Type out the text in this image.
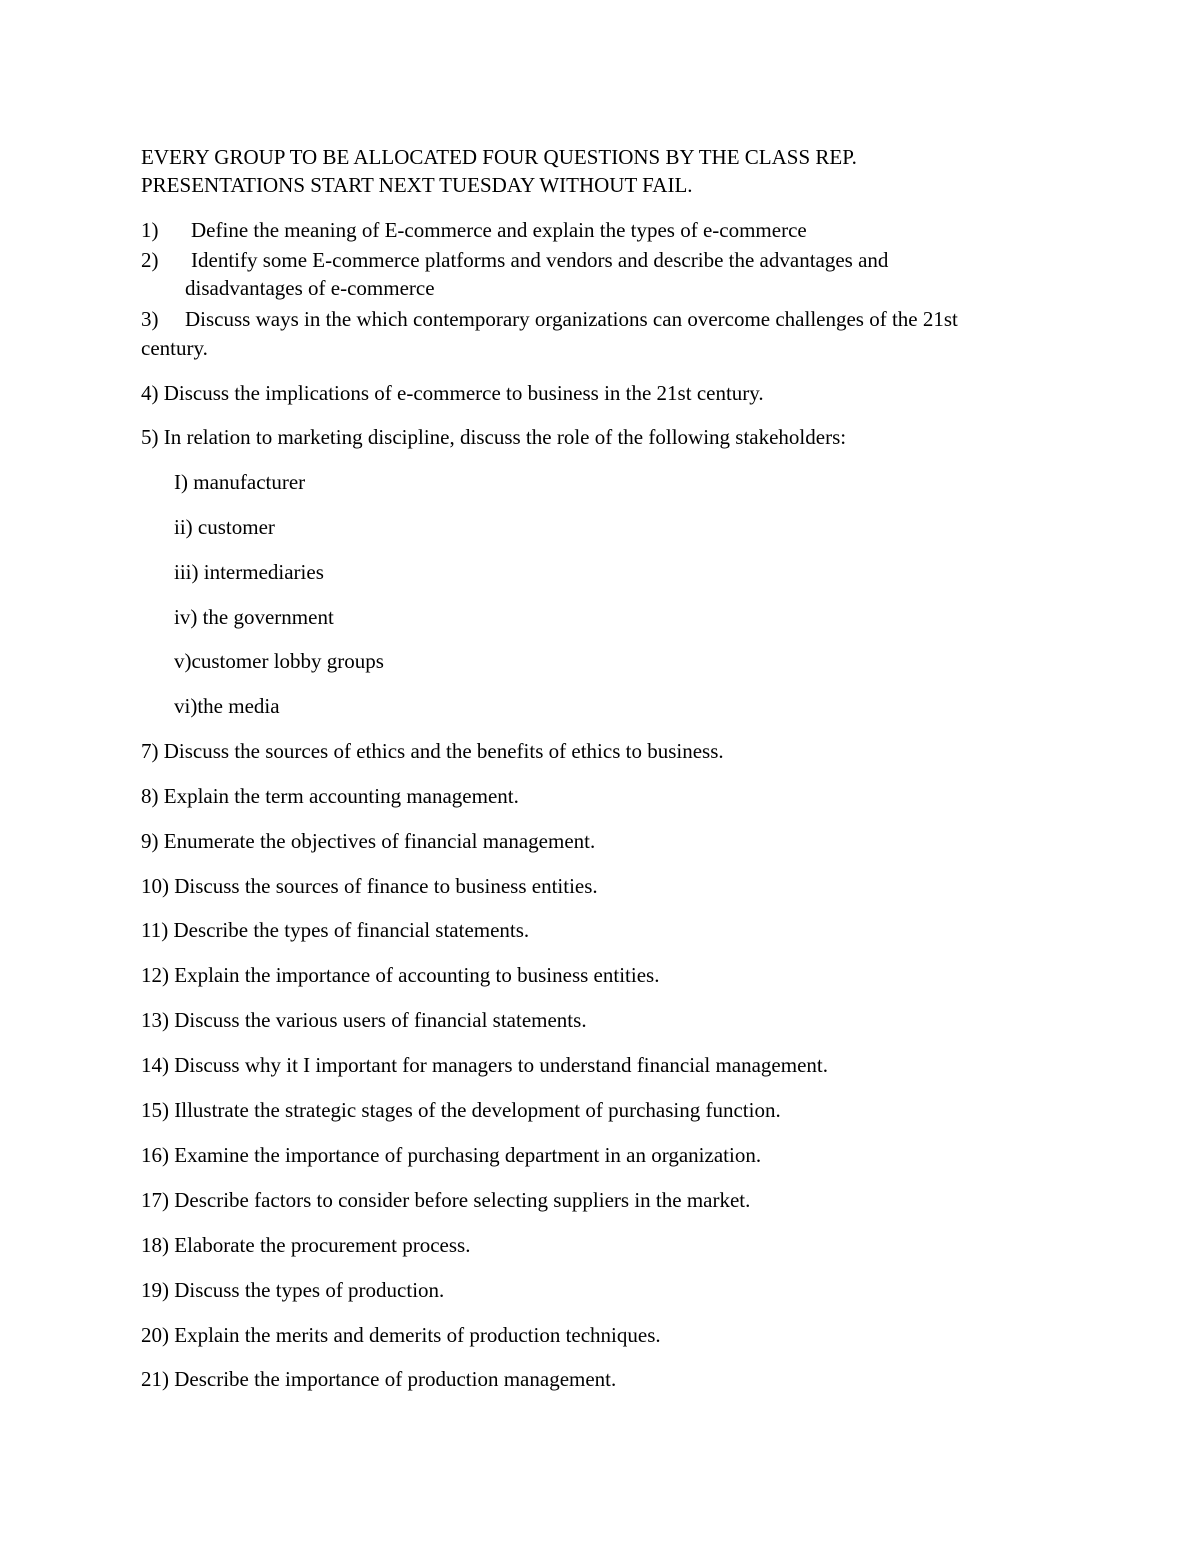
EVERY GROUP TO BE ALLOCATED FOUR QUESTIONS BY THE CLASS REP.
PRESENTATIONS START NEXT TUESDAY WITHOUT FAIL.
1) Define the meaning of E-commerce and explain the types of e-commerce
2) Identify some E-commerce platforms and vendors and describe the advantages and
disadvantages of e-commerce
3) Discuss ways in the which contemporary organizations can overcome challenges of the 21st
century.
4) Discuss the implications of e-commerce to business in the 21st century.
5) In relation to marketing discipline, discuss the role of the following stakeholders:
I) manufacturer
ii) customer
iii) intermediaries
iv) the government
v)customer lobby groups
vi)the media
7) Discuss the sources of ethics and the benefits of ethics to business.
8) Explain the term accounting management.
9) Enumerate the objectives of financial management.
10) Discuss the sources of finance to business entities.
11) Describe the types of financial statements.
12) Explain the importance of accounting to business entities.
13) Discuss the various users of financial statements.
14) Discuss why it I important for managers to understand financial management.
15) Illustrate the strategic stages of the development of purchasing function.
16) Examine the importance of purchasing department in an organization.
17) Describe factors to consider before selecting suppliers in the market.
18) Elaborate the procurement process.
19) Discuss the types of production.
20) Explain the merits and demerits of production techniques.
21) Describe the importance of production management.
